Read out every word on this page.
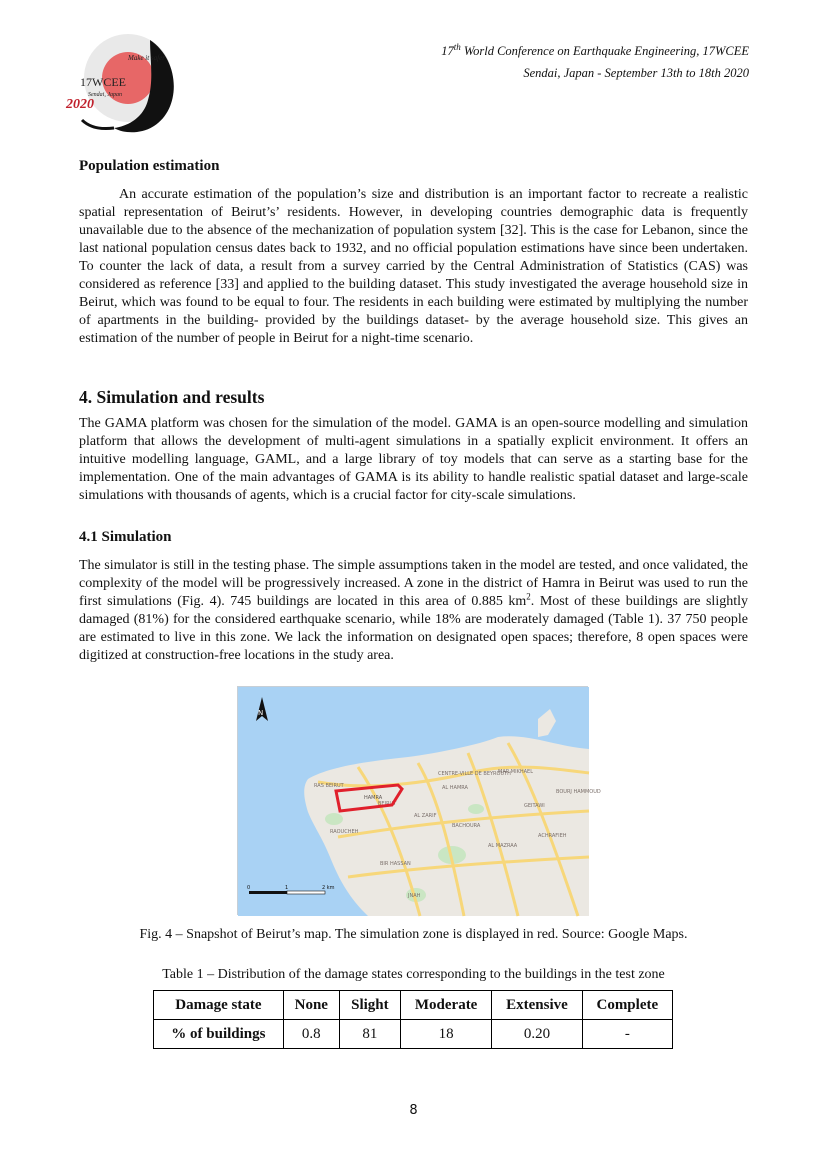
Make it safer
17WCEE
Sendai, Japan
2020
17th World Conference on Earthquake Engineering, 17WCEE
Sendai, Japan - September 13th to 18th 2020
Population estimation
An accurate estimation of the population’s size and distribution is an important factor to recreate a realistic spatial representation of Beirut’s’ residents. However, in developing countries demographic data is frequently unavailable due to the absence of the mechanization of population system [32]. This is the case for Lebanon, since the last national population census dates back to 1932, and no official population estimations have since been undertaken. To counter the lack of data, a result from a survey carried by the Central Administration of Statistics (CAS) was considered as reference [33] and applied to the building dataset. This study investigated the average household size in Beirut, which was found to be equal to four. The residents in each building were estimated by multiplying the number of apartments in the building- provided by the buildings dataset- by the average household size. This gives an estimation of the number of people in Beirut for a night-time scenario.
4. Simulation and results
The GAMA platform was chosen for the simulation of the model. GAMA is an open-source modelling and simulation platform that allows the development of multi-agent simulations in a spatially explicit environment. It offers an intuitive modelling language, GAML, and a large library of toy models that can serve as a starting base for the implementation. One of the main advantages of GAMA is its ability to handle realistic spatial dataset and large-scale simulations with thousands of agents, which is a crucial factor for city-scale simulations.
4.1 Simulation
The simulator is still in the testing phase. The simple assumptions taken in the model are tested, and once validated, the complexity of the model will be progressively increased. A zone in the district of Hamra in Beirut was used to run the first simulations (Fig. 4). 745 buildings are located in this area of 0.885 $km^2$. Most of these buildings are slightly damaged (81%) for the considered earthquake scenario, while 18% are moderately damaged (Table 1). 37 750 people are estimated to live in this zone. We lack the information on designated open spaces; therefore, 8 open spaces were digitized at construction-free locations in the study area.
CENTRE-VILLE DE BEYROUTH
MAR MIKHAEL
AL HAMRA
BEIRUT
RAS BEIRUT
GEITAWI
BOURJ HAMMOUD
AL ZARIF
BACHOURA
RAOUCHEH
BIR HASSAN
ACHRAFIEH
JNAH
AL MAZRAA
HAMRA
N
0	1	2 km
Fig. 4 – Snapshot of Beirut’s map. The simulation zone is displayed in red. Source: Google Maps.
Table 1 – Distribution of the damage states corresponding to the buildings in the test zone
Damage state	None	Slight	Moderate	Extensive	Complete
% of buildings	0.8	81	18	0.20	-
8
